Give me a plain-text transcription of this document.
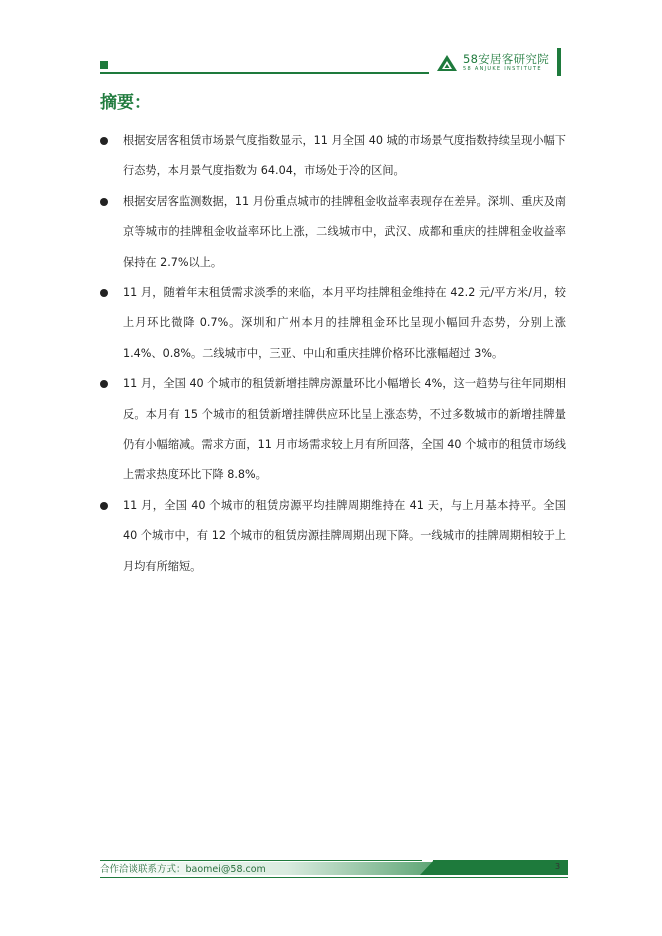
58安居客研究院
58 ANJUKE INSTITUTE
摘要：
根据安居客租赁市场景气度指数显示，11 月全国 40 城的市场景气度指数持续呈现小幅下行态势，本月景气度指数为 64.04，市场处于冷的区间。
根据安居客监测数据，11 月份重点城市的挂牌租金收益率表现存在差异。深圳、重庆及南京等城市的挂牌租金收益率环比上涨，二线城市中，武汉、成都和重庆的挂牌租金收益率保持在 2.7%以上。
11 月，随着年末租赁需求淡季的来临，本月平均挂牌租金维持在 42.2 元/平方米/月，较上月环比微降 0.7%。深圳和广州本月的挂牌租金环比呈现小幅回升态势，分别上涨 1.4%、0.8%。二线城市中，三亚、中山和重庆挂牌价格环比涨幅超过 3%。
11 月，全国 40 个城市的租赁新增挂牌房源量环比小幅增长 4%，这一趋势与往年同期相反。本月有 15 个城市的租赁新增挂牌供应环比呈上涨态势，不过多数城市的新增挂牌量仍有小幅缩减。需求方面，11 月市场需求较上月有所回落，全国 40 个城市的租赁市场线上需求热度环比下降 8.8%。
11 月，全国 40 个城市的租赁房源平均挂牌周期维持在 41 天，与上月基本持平。全国 40 个城市中，有 12 个城市的租赁房源挂牌周期出现下降。一线城市的挂牌周期相较于上月均有所缩短。
合作洽谈联系方式：baomei@58.com	3
